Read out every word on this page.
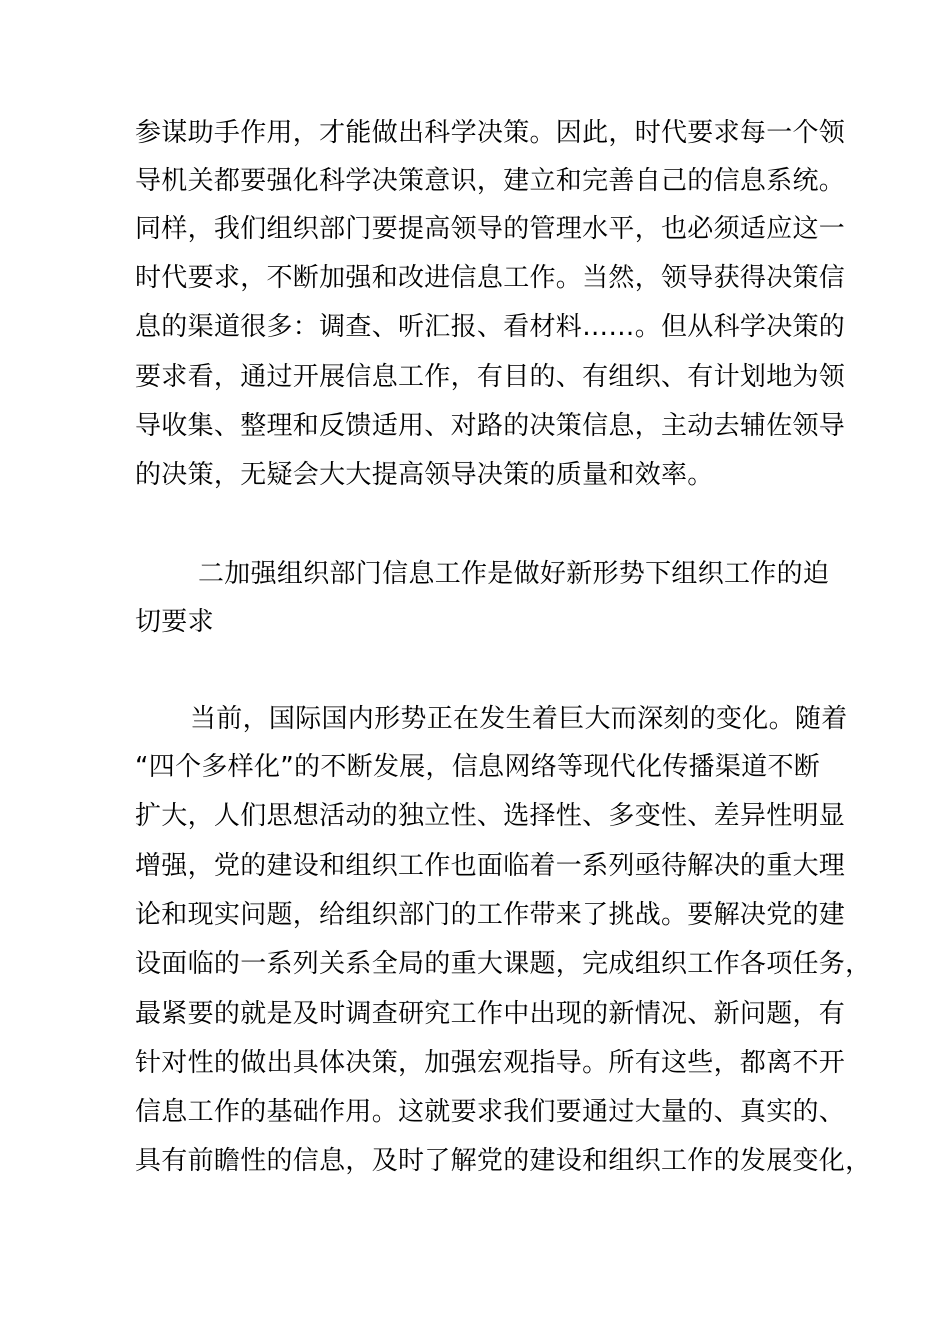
参谋助手作用，才能做出科学决策。因此，时代要求每一个领
导机关都要强化科学决策意识，建立和完善自己的信息系统。
同样，我们组织部门要提高领导的管理水平，也必须适应这一
时代要求，不断加强和改进信息工作。当然，领导获得决策信
息的渠道很多：调查、听汇报、看材料……。但从科学决策的
要求看，通过开展信息工作，有目的、有组织、有计划地为领
导收集、整理和反馈适用、对路的决策信息，主动去辅佐领导
的决策，无疑会大大提高领导决策的质量和效率。
二加强组织部门信息工作是做好新形势下组织工作的迫
切要求
当前，国际国内形势正在发生着巨大而深刻的变化。随着
“四个多样化”的不断发展，信息网络等现代化传播渠道不断
扩大，人们思想活动的独立性、选择性、多变性、差异性明显
增强，党的建设和组织工作也面临着一系列亟待解决的重大理
论和现实问题，给组织部门的工作带来了挑战。要解决党的建
设面临的一系列关系全局的重大课题，完成组织工作各项任务，
最紧要的就是及时调查研究工作中出现的新情况、新问题，有
针对性的做出具体决策，加强宏观指导。所有这些，都离不开
信息工作的基础作用。这就要求我们要通过大量的、真实的、
具有前瞻性的信息，及时了解党的建设和组织工作的发展变化，
